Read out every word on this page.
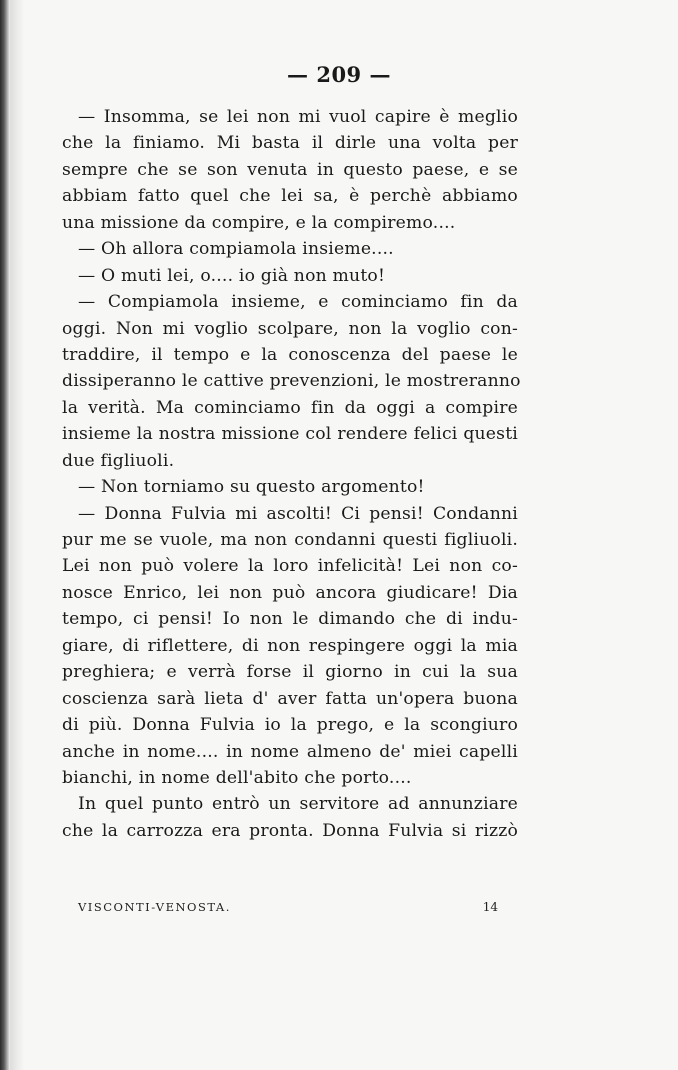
— 209 —
— Insomma, se lei non mi vuol capire è meglio
che la finiamo. Mi basta il dirle una volta per
sempre che se son venuta in questo paese, e se
abbiam fatto quel che lei sa, è perchè abbiamo
una missione da compire, e la compiremo....
— Oh allora compiamola insieme....
— O muti lei, o.... io già non muto!
— Compiamola insieme, e cominciamo fin da
oggi. Non mi voglio scolpare, non la voglio con-
traddire, il tempo e la conoscenza del paese le
dissiperanno le cattive prevenzioni, le mostreranno
la verità. Ma cominciamo fin da oggi a compire
insieme la nostra missione col rendere felici questi
due figliuoli.
— Non torniamo su questo argomento!
— Donna Fulvia mi ascolti! Ci pensi! Condanni
pur me se vuole, ma non condanni questi figliuoli.
Lei non può volere la loro infelicità! Lei non co-
nosce Enrico, lei non può ancora giudicare! Dia
tempo, ci pensi! Io non le dimando che di indu-
giare, di riflettere, di non respingere oggi la mia
preghiera; e verrà forse il giorno in cui la sua
coscienza sarà lieta d' aver fatta un'opera buona
di più. Donna Fulvia io la prego, e la scongiuro
anche in nome.... in nome almeno de' miei capelli
bianchi, in nome dell'abito che porto....
In quel punto entrò un servitore ad annunziare
che la carrozza era pronta. Donna Fulvia si rizzò
VISCONTI-VENOSTA.	14
